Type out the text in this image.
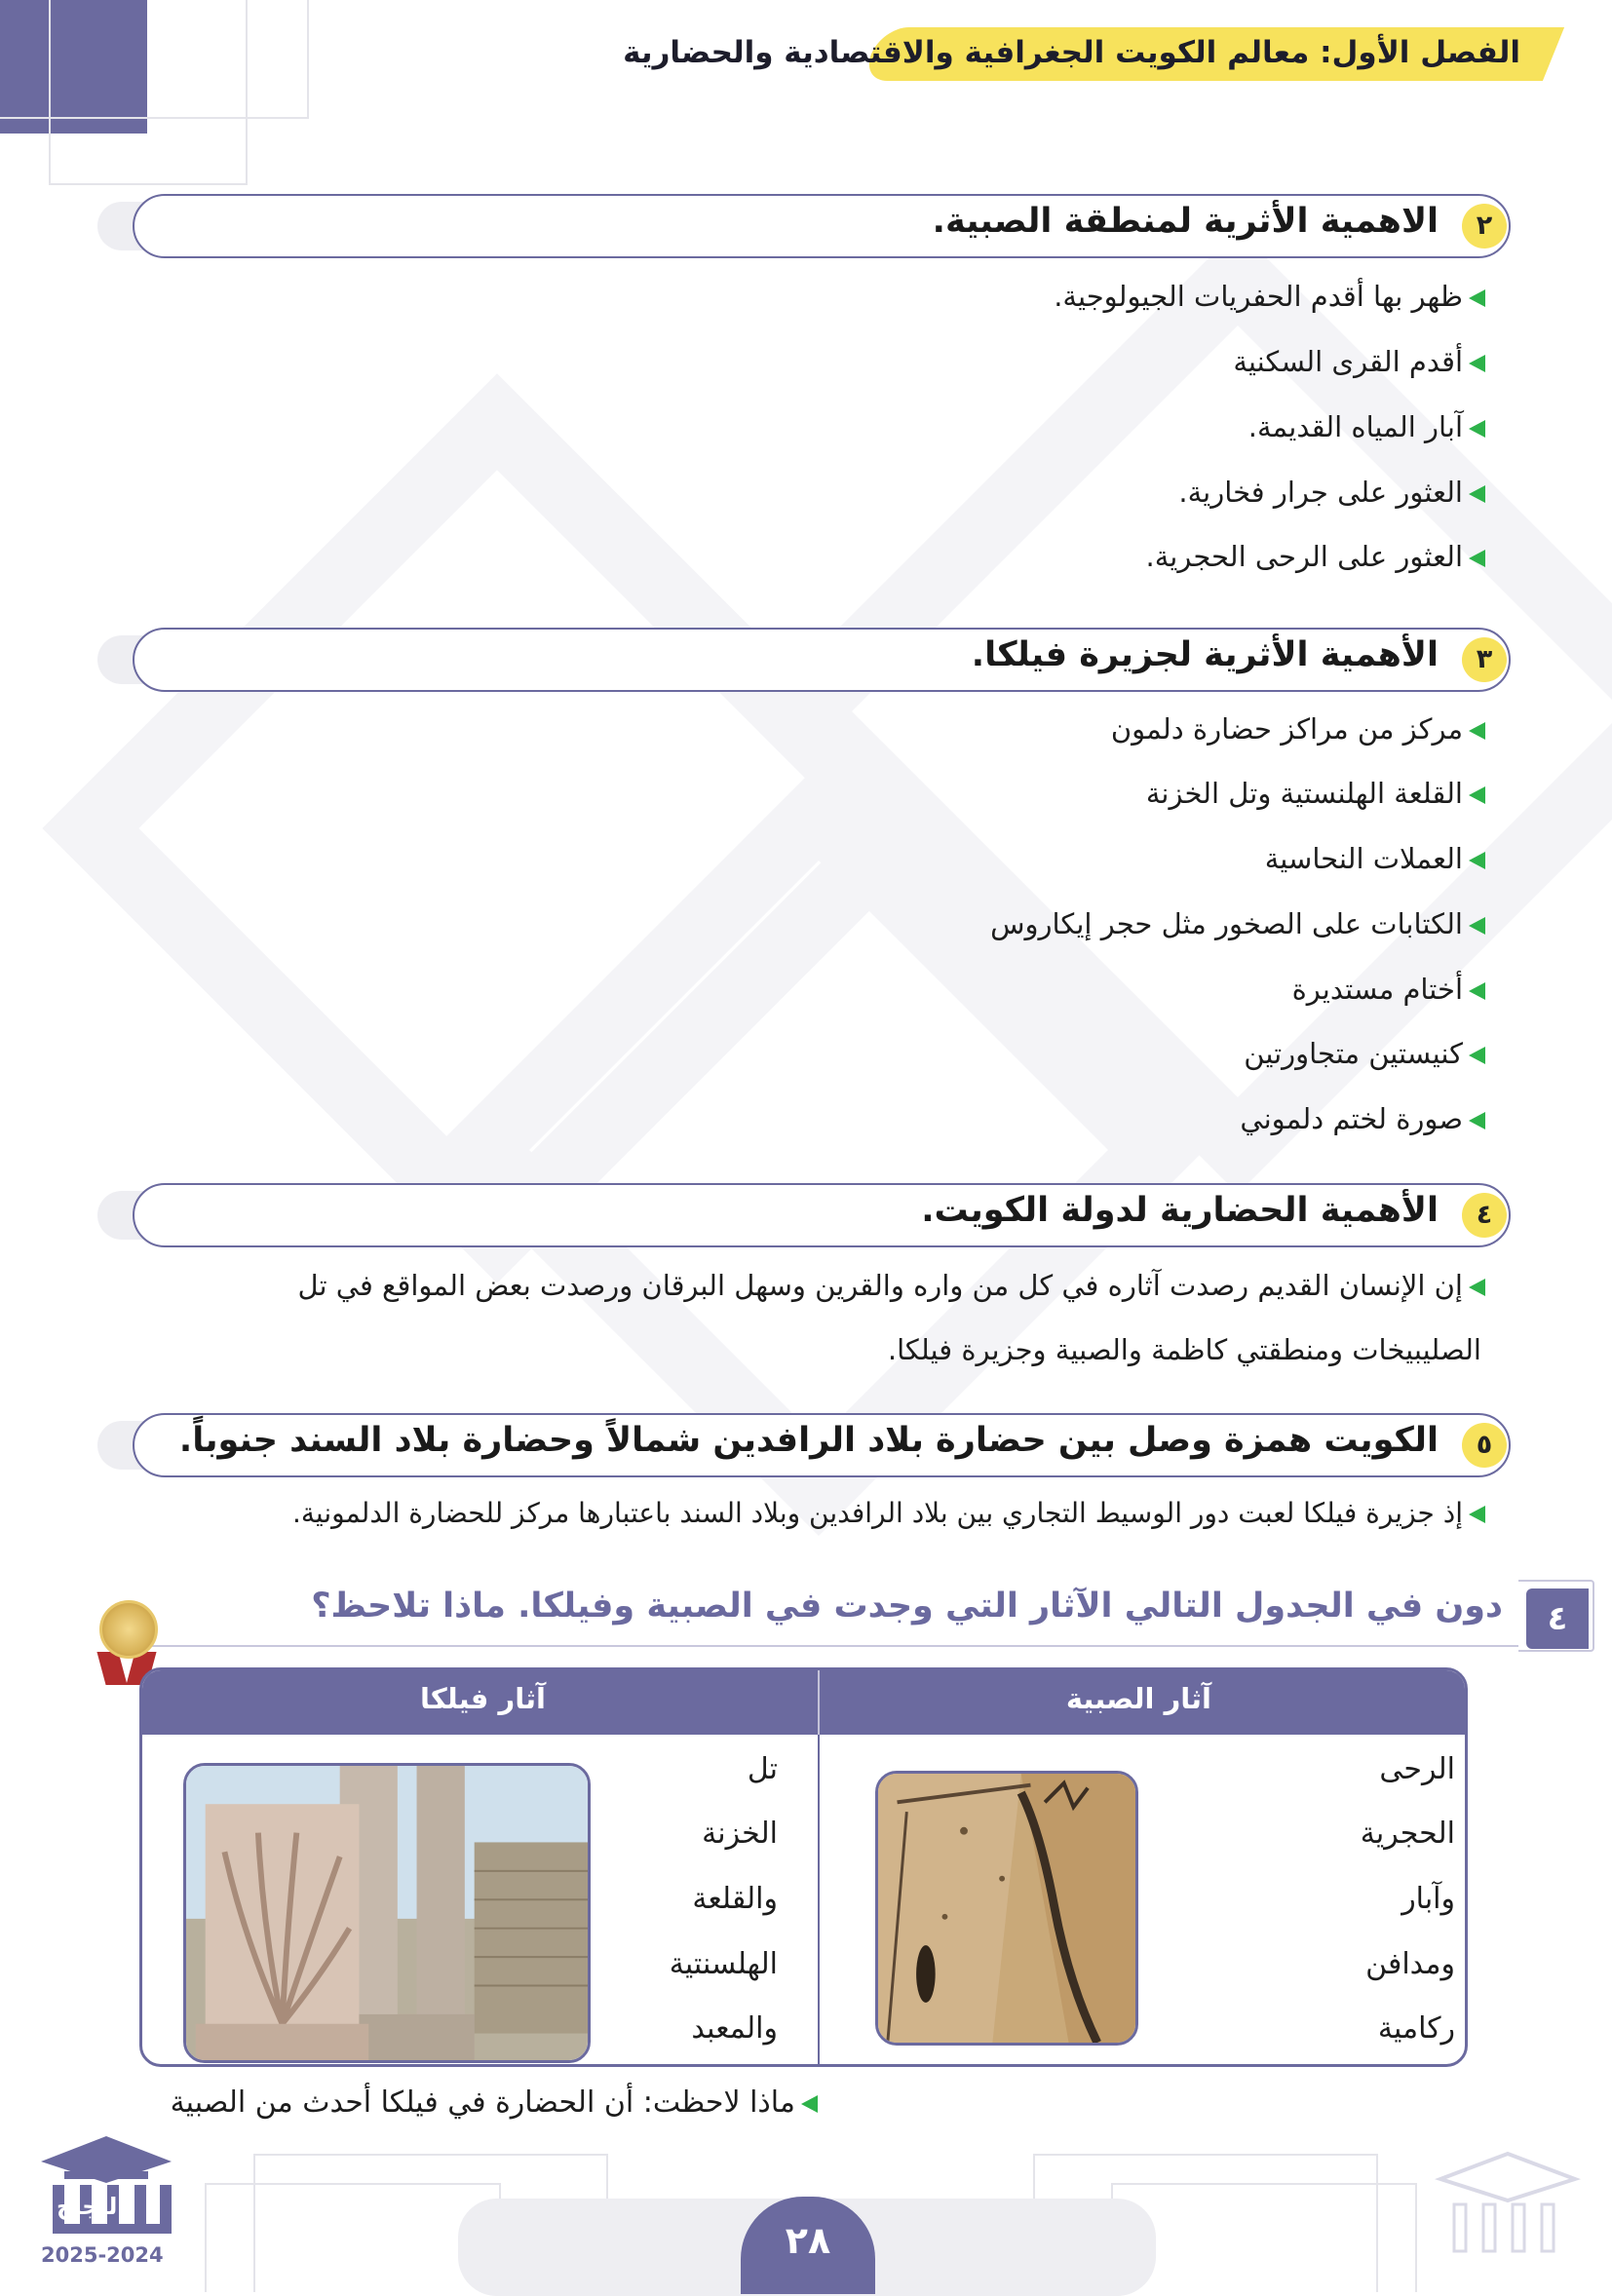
الفصل الأول: معالم الكويت الجغرافية والاقتصادية والحضارية
٢
الاهمية الأثرية لمنطقة الصبية.
ظهر بها أقدم الحفريات الجيولوجية.
أقدم القرى السكنية
آبار المياه القديمة.
العثور على جرار فخارية.
العثور على الرحى الحجرية.
٣
الأهمية الأثرية لجزيرة فيلكا.
مركز من مراكز حضارة دلمون
القلعة الهلنستية وتل الخزنة
العملات النحاسية
الكتابات على الصخور مثل حجر إيكاروس
أختام مستديرة
كنيستين متجاورتين
صورة لختم دلموني
٤
الأهمية الحضارية لدولة الكويت.
إن الإنسان القديم رصدت آثاره في كل من واره والقرين وسهل البرقان ورصدت بعض المواقع في تل
الصليبيخات ومنطقتي كاظمة والصبية وجزيرة فيلكا.
٥
الكويت همزة وصل بين حضارة بلاد الرافدين شمالاً وحضارة بلاد السند جنوباً.
إذ جزيرة فيلكا لعبت دور الوسيط التجاري بين بلاد الرافدين وبلاد السند باعتبارها مركز للحضارة الدلمونية.
٤
دون في الجدول التالي الآثار التي وجدت في الصبية وفيلكا. ماذا تلاحظ؟
آثار الصبية
آثار فيلكا
الرحى
الحجرية
وآبار
ومدافن
ركامية
تل
الخزنة
والقلعة
الهلسنتية
والمعبد
ماذا لاحظت: أن الحضارة في فيلكا أحدث من الصبية
٢٨
النجاح
2025-2024
